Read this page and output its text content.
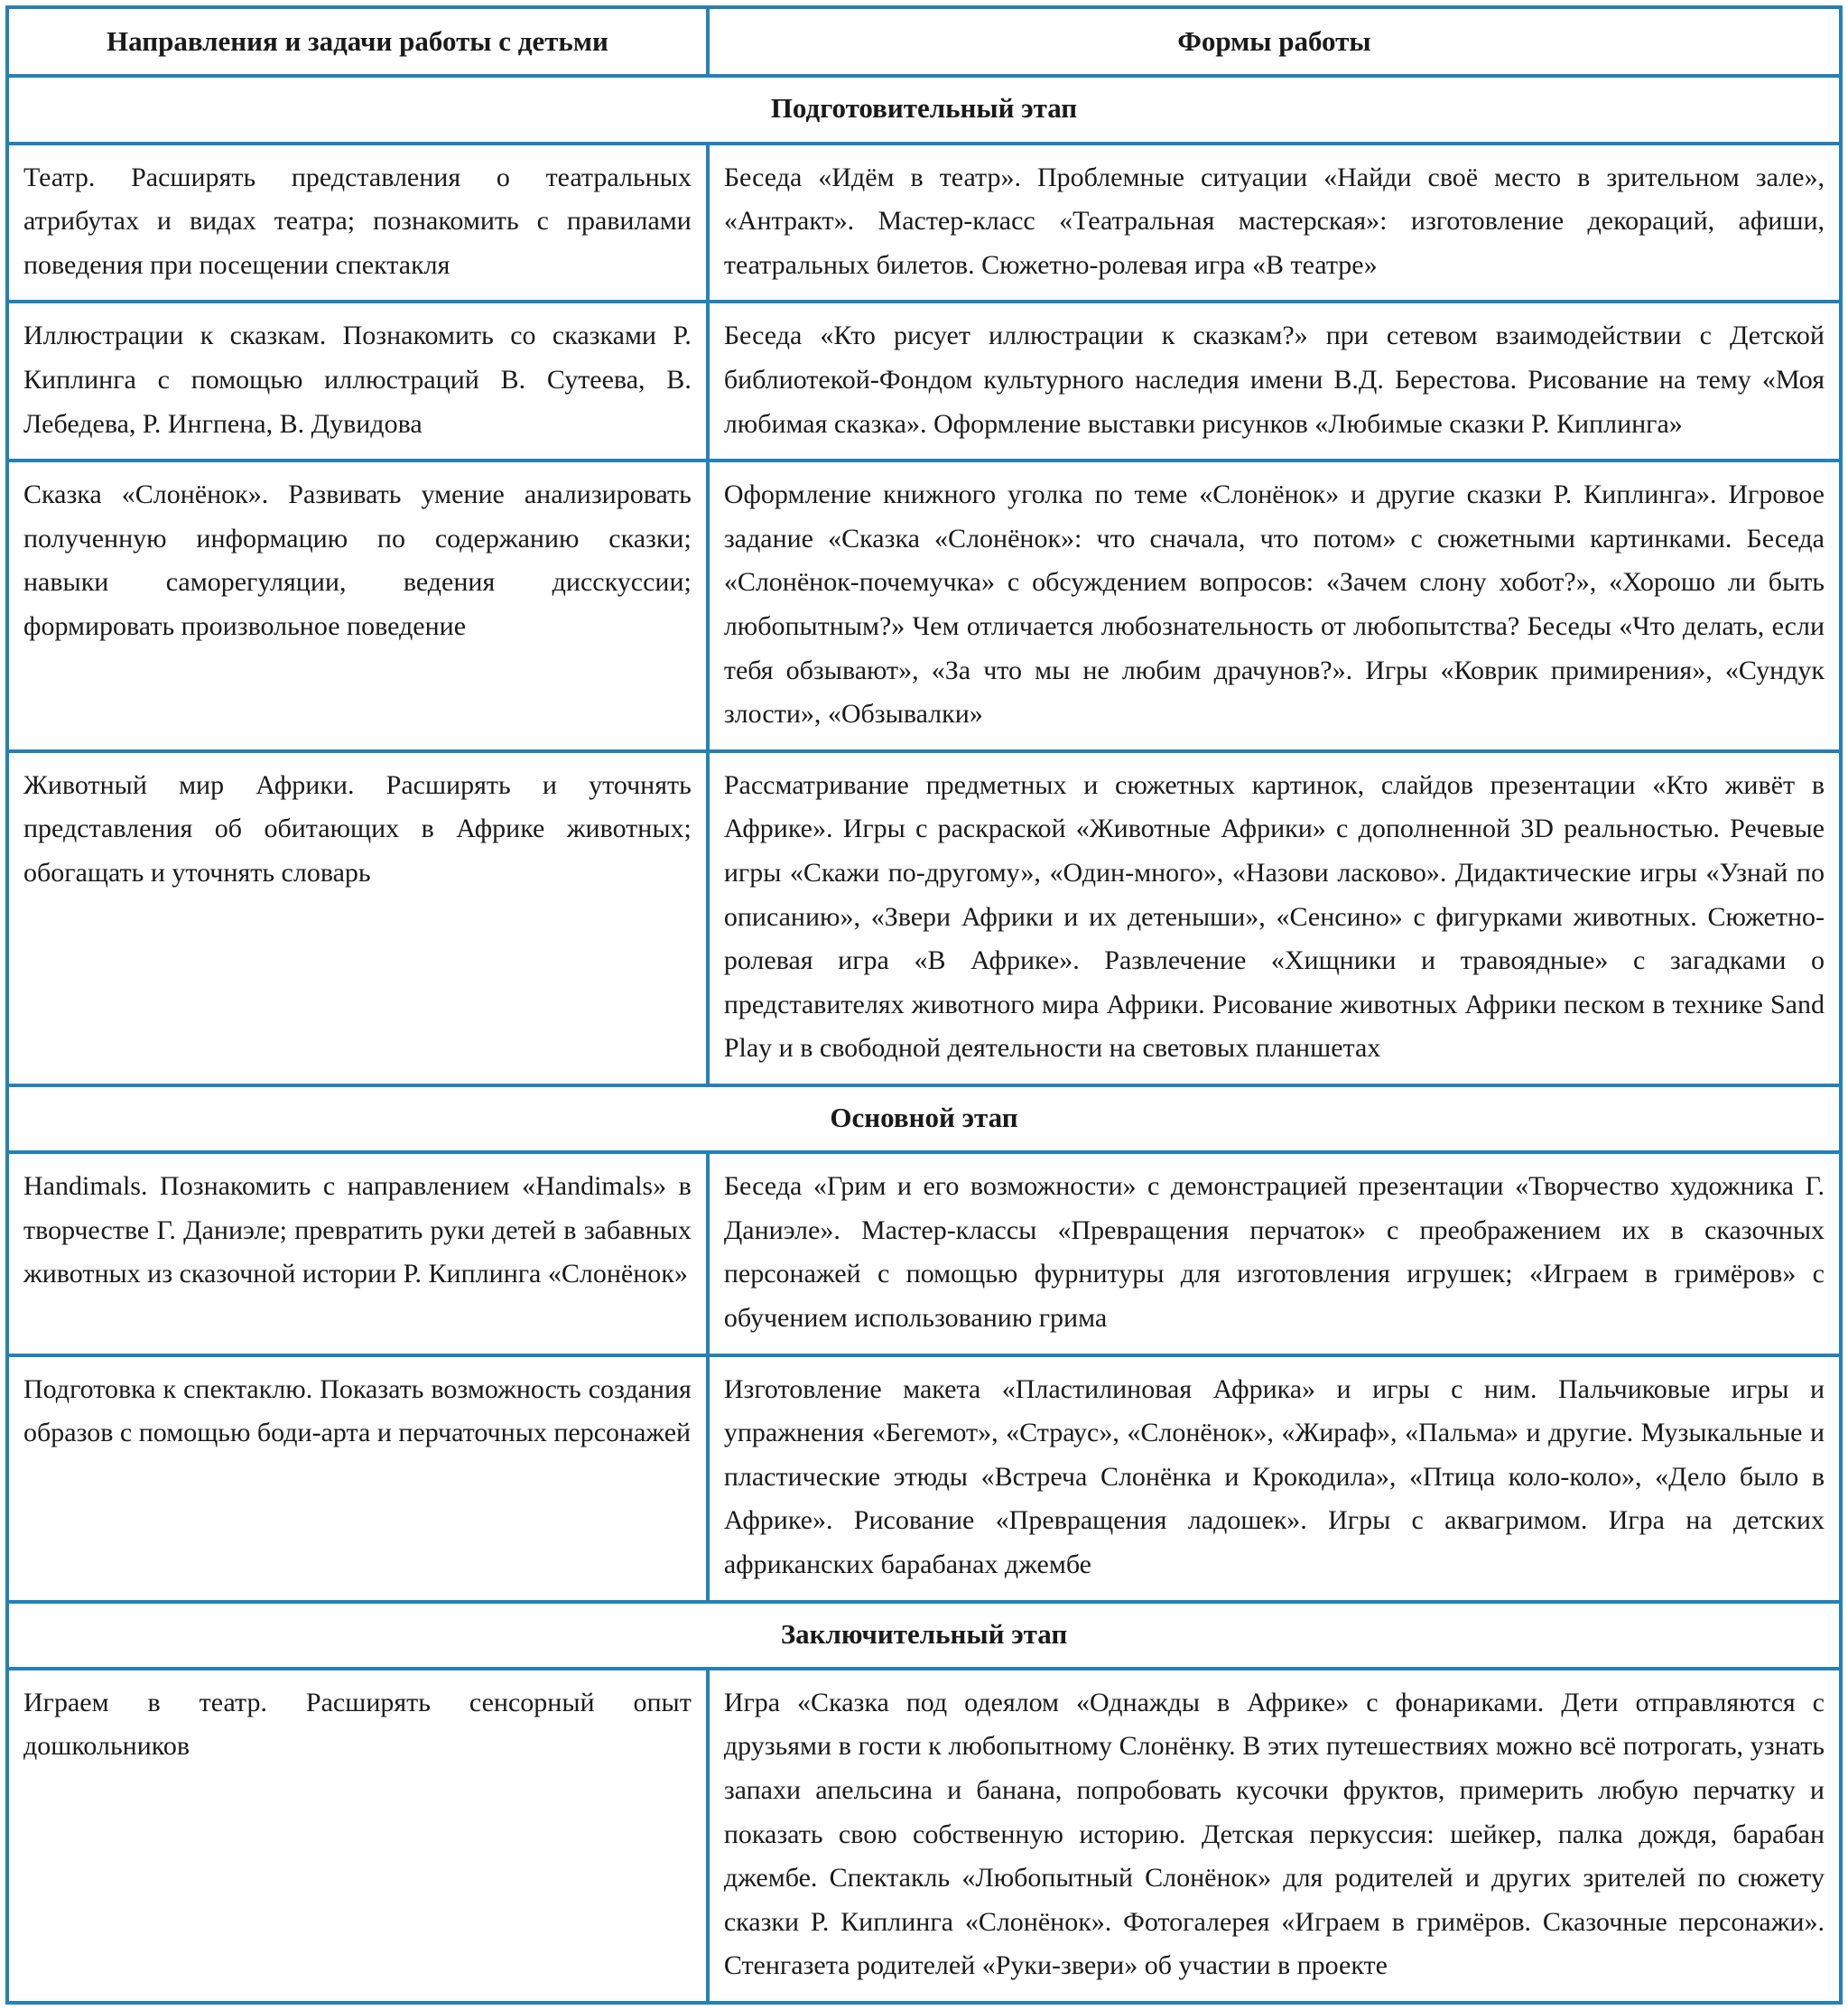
Направления и задачи работы с детьми	Формы работы
Подготовительный этап	
Театр. Расширять представления о театральных атрибутах и видах театра; познакомить с правилами поведения при посещении спектакля	Беседа «Идём в театр». Проблемные ситуации «Найди своё место в зрительном зале», «Антракт». Мастер-класс «Театральная мастерская»: изготовление декораций, афиши, театральных билетов. Сюжетно-ролевая игра «В театре»
Иллюстрации к сказкам. Познакомить со сказками Р. Киплинга с помощью иллюстраций В. Сутеева, В. Лебедева, Р. Ингпена, В. Дувидова	Беседа «Кто рисует иллюстрации к сказкам?» при сетевом взаимодействии с Детской библиотекой-Фондом культурного наследия имени В.Д. Берестова. Рисование на тему «Моя любимая сказка». Оформление выставки рисунков «Любимые сказки Р. Киплинга»
Сказка «Слонёнок». Развивать умение анализировать полученную информацию по содержанию сказки; навыки саморегуляции, ведения дисскуссии; формировать произвольное поведение	Оформление книжного уголка по теме «Слонёнок» и другие сказки Р. Киплинга». Игровое задание «Сказка «Слонёнок»: что сначала, что потом» с сюжетными картинками. Беседа «Слонёнок-почемучка» с обсуждением вопросов: «Зачем слону хобот?», «Хорошо ли быть любопытным?» Чем отличается любознательность от любопытства? Беседы «Что делать, если тебя обзывают», «За что мы не любим драчунов?». Игры «Коврик примирения», «Сундук злости», «Обзывалки»
Животный мир Африки. Расширять и уточнять представления об обитающих в Африке животных; обогащать и уточнять словарь	Рассматривание предметных и сюжетных картинок, слайдов презентации «Кто живёт в Африке». Игры с раскраской «Животные Африки» с дополненной 3D реальностью. Речевые игры «Скажи по-другому», «Один-много», «Назови ласково». Дидактические игры «Узнай по описанию», «Звери Африки и их детеныши», «Сенсино» с фигурками животных. Сюжетно-ролевая игра «В Африке». Развлечение «Хищники и травоядные» с загадками о представителях животного мира Африки. Рисование животных Африки песком в технике Sand Play и в свободной деятельности на световых планшетах
Основной этап	
Handimals. Познакомить с направлением «Handimals» в творчестве Г. Даниэле; превратить руки детей в забавных животных из сказочной истории Р. Киплинга «Слонёнок»	Беседа «Грим и его возможности» с демонстрацией презентации «Творчество художника Г. Даниэле». Мастер-классы «Превращения перчаток» с преображением их в сказочных персонажей с помощью фурнитуры для изготовления игрушек; «Играем в гримёров» с обучением использованию грима
Подготовка к спектаклю. Показать возможность создания образов с помощью боди-арта и перчаточных персонажей	Изготовление макета «Пластилиновая Африка» и игры с ним. Пальчиковые игры и упражнения «Бегемот», «Страус», «Слонёнок», «Жираф», «Пальма» и другие. Музыкальные и пластические этюды «Встреча Слонёнка и Крокодила», «Птица коло-коло», «Дело было в Африке». Рисование «Превращения ладошек». Игры с аквагримом. Игра на детских африканских барабанах джембе
Заключительный этап	
Играем в театр. Расширять сенсорный опыт дошкольников	Игра «Сказка под одеялом «Однажды в Африке» с фонариками. Дети отправляются с друзьями в гости к любопытному Слонёнку. В этих путешествиях можно всё потрогать, узнать запахи апельсина и банана, попробовать кусочки фруктов, примерить любую перчатку и показать свою собственную историю. Детская перкуссия: шейкер, палка дождя, барабан джембе. Спектакль «Любопытный Слонёнок» для родителей и других зрителей по сюжету сказки Р. Киплинга «Слонёнок». Фотогалерея «Играем в гримёров. Сказочные персонажи». Стенгазета родителей «Руки-звери» об участии в проекте
